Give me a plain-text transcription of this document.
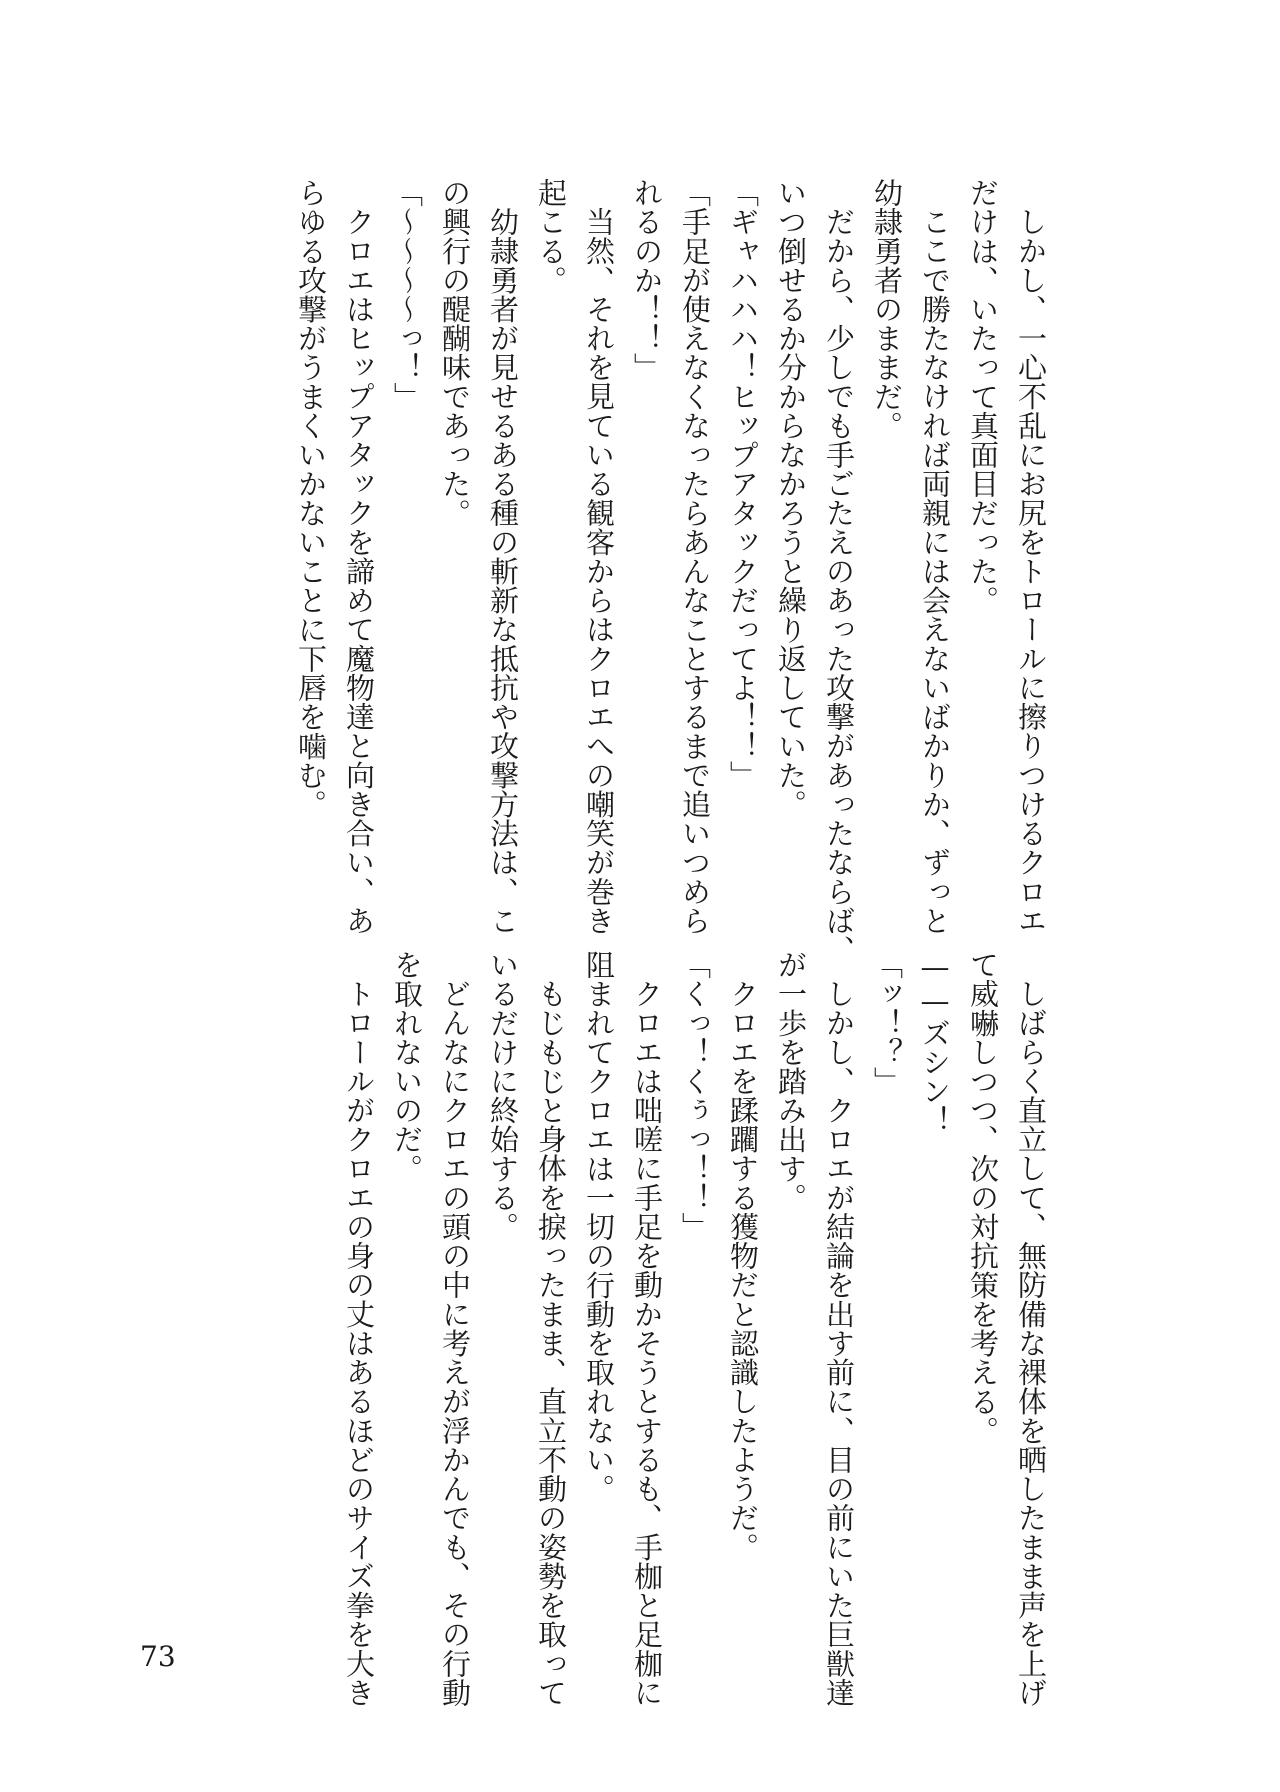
しかし、一心不乱にお尻をトロールに擦りつけるクロエ

だけは、いたって真面目だった。

ここで勝たなければ両親には会えないばかりか、ずっと

幼隷勇者のままだ。

だから、少しでも手ごたえのあった攻撃があったならば、

いつ倒せるか分からなかろうと繰り返していた。

「ギャハハハ！ヒップアタックだってよ！！」

「手足が使えなくなったらあんなことするまで追いつめら

れるのか！！」

当然、それを見ている観客からはクロエへの嘲笑が巻き

起こる。

幼隷勇者が見せるある種の斬新な抵抗や攻撃方法は、こ

の興行の醍醐味であった。

「〜〜〜〜っ！」

クロエはヒップアタックを諦めて魔物達と向き合い、あ

らゆる攻撃がうまくいかないことに下唇を噛む。

しばらく直立して、無防備な裸体を晒したまま声を上げ

て威嚇しつつ、次の対抗策を考える。

——ズシン！

「ッ！？」

しかし、クロエが結論を出す前に、目の前にいた巨獣達

が一歩を踏み出す。

クロエを蹂躙する獲物だと認識したようだ。

「くっ！くぅっ！！」

クロエは咄嗟に手足を動かそうとするも、手枷と足枷に

阻まれてクロエは一切の行動を取れない。

もじもじと身体を捩ったまま、直立不動の姿勢を取って

いるだけに終始する。

どんなにクロエの頭の中に考えが浮かんでも、その行動

を取れないのだ。

トロールがクロエの身の丈はあるほどのサイズ拳を大き

73
